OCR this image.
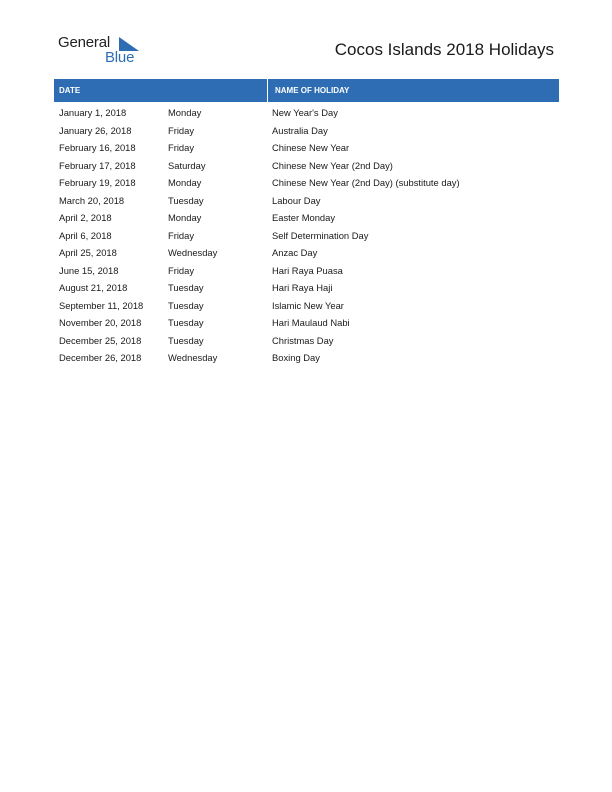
General
Blue	Cocos Islands 2018 Holidays
DATE	NAME OF HOLIDAY
January 1, 2018	Monday	New Year's Day
January 26, 2018	Friday	Australia Day
February 16, 2018	Friday	Chinese New Year
February 17, 2018	Saturday	Chinese New Year (2nd Day)
February 19, 2018	Monday	Chinese New Year (2nd Day) (substitute day)
March 20, 2018	Tuesday	Labour Day
April 2, 2018	Monday	Easter Monday
April 6, 2018	Friday	Self Determination Day
April 25, 2018	Wednesday	Anzac Day
June 15, 2018	Friday	Hari Raya Puasa
August 21, 2018	Tuesday	Hari Raya Haji
September 11, 2018	Tuesday	Islamic New Year
November 20, 2018	Tuesday	Hari Maulaud Nabi
December 25, 2018	Tuesday	Christmas Day
December 26, 2018	Wednesday	Boxing Day
